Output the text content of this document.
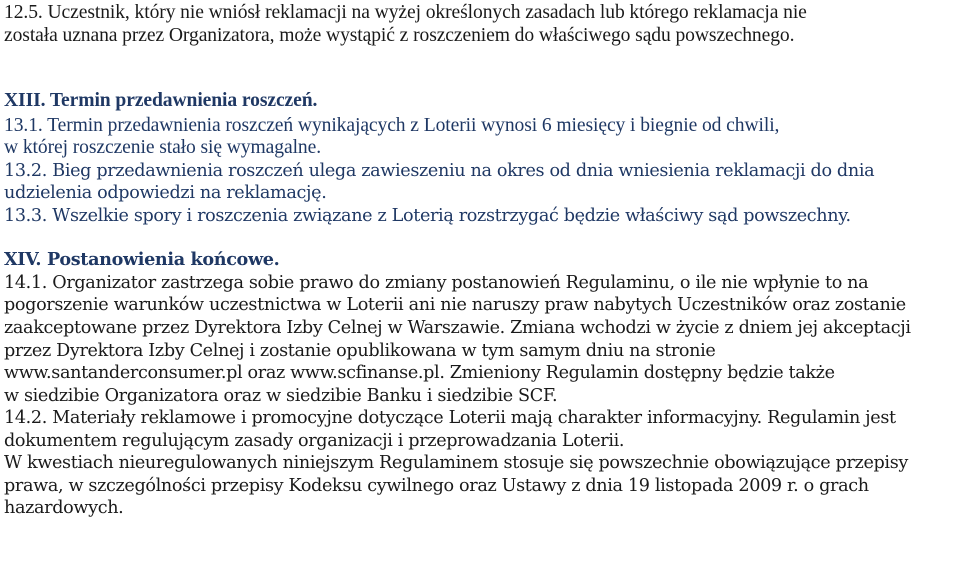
12.5. Uczestnik, który nie wniósł reklamacji na wyżej określonych zasadach lub którego reklamacja nie
została uznana przez Organizatora, może wystąpić z roszczeniem do właściwego sądu powszechnego.
XIII. Termin przedawnienia roszczeń.
13.1. Termin przedawnienia roszczeń wynikających z Loterii wynosi 6 miesięcy i biegnie od chwili,
w której roszczenie stało się wymagalne.
13.2. Bieg przedawnienia roszczeń ulega zawieszeniu na okres od dnia wniesienia reklamacji do dnia
udzielenia odpowiedzi na reklamację.
13.3. Wszelkie spory i roszczenia związane z Loterią rozstrzygać będzie właściwy sąd powszechny.
XIV. Postanowienia końcowe.
14.1. Organizator zastrzega sobie prawo do zmiany postanowień Regulaminu, o ile nie wpłynie to na
pogorszenie warunków uczestnictwa w Loterii ani nie naruszy praw nabytych Uczestników oraz zostanie
zaakceptowane przez Dyrektora Izby Celnej w Warszawie. Zmiana wchodzi w życie z dniem jej akceptacji
przez Dyrektora Izby Celnej i zostanie opublikowana w tym samym dniu na stronie
www.santanderconsumer.pl oraz www.scfinanse.pl. Zmieniony Regulamin dostępny będzie także
w siedzibie Organizatora oraz w siedzibie Banku i siedzibie SCF.
14.2. Materiały reklamowe i promocyjne dotyczące Loterii mają charakter informacyjny. Regulamin jest
dokumentem regulującym zasady organizacji i przeprowadzania Loterii.
W kwestiach nieuregulowanych niniejszym Regulaminem stosuje się powszechnie obowiązujące przepisy
prawa, w szczególności przepisy Kodeksu cywilnego oraz Ustawy z dnia 19 listopada 2009 r. o grach
hazardowych.
